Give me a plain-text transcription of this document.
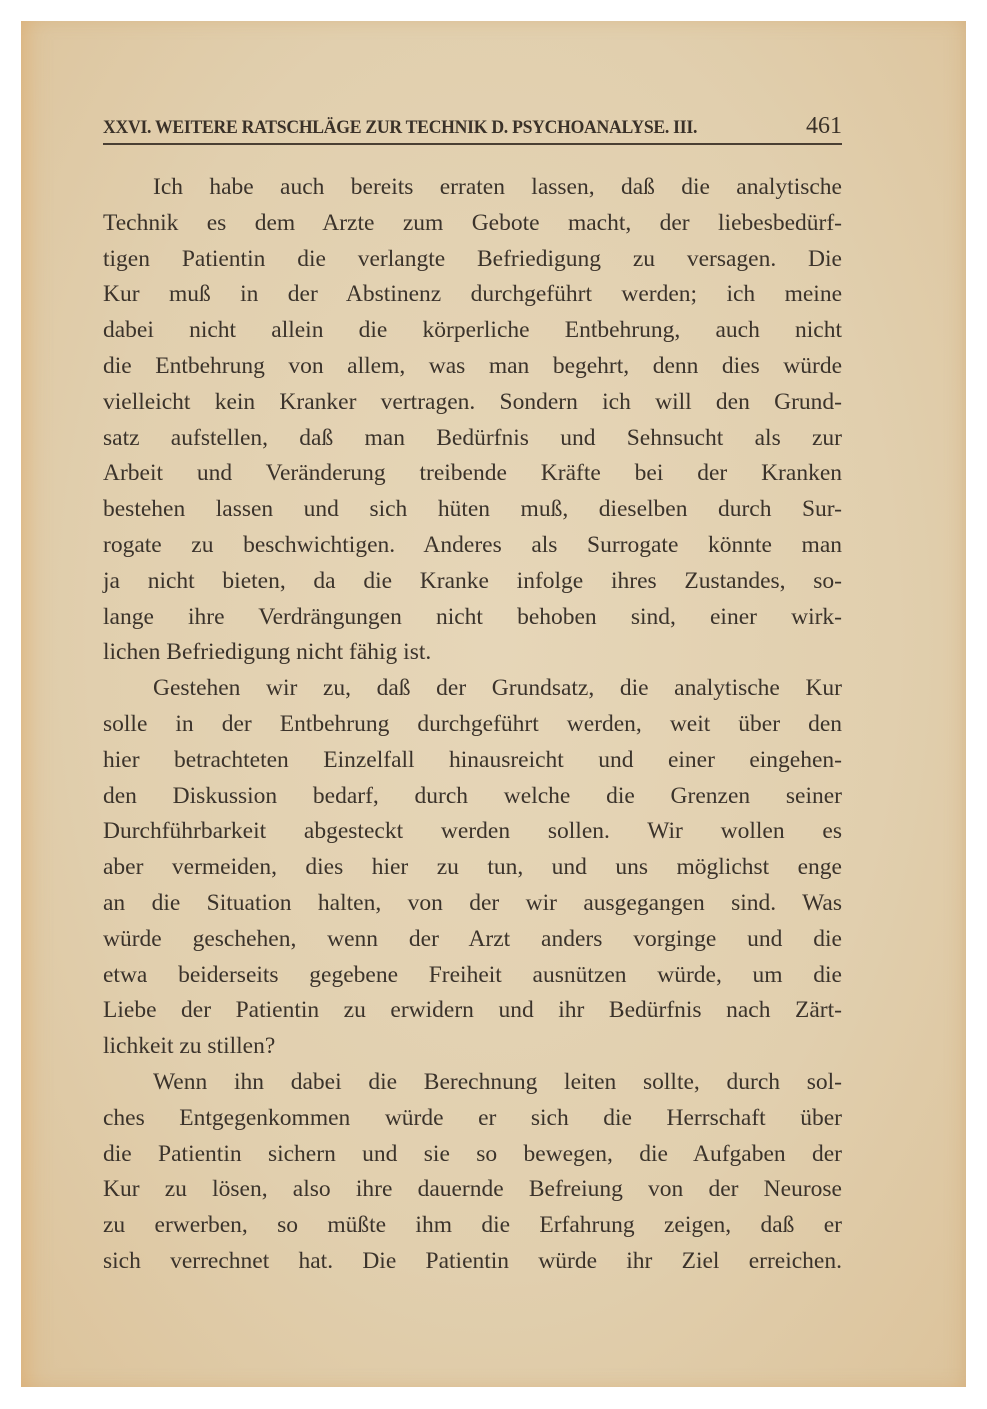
XXVI. WEITERE RATSCHLÄGE ZUR TECHNIK D. PSYCHOANALYSE. III.	461
Ich habe auch bereits erraten lassen, daß die analytische
Technik es dem Arzte zum Gebote macht, der liebesbedürf-
tigen Patientin die verlangte Befriedigung zu versagen. Die
Kur muß in der Abstinenz durchgeführt werden; ich meine
dabei nicht allein die körperliche Entbehrung, auch nicht
die Entbehrung von allem, was man begehrt, denn dies würde
vielleicht kein Kranker vertragen. Sondern ich will den Grund-
satz aufstellen, daß man Bedürfnis und Sehnsucht als zur
Arbeit und Veränderung treibende Kräfte bei der Kranken
bestehen lassen und sich hüten muß, dieselben durch Sur-
rogate zu beschwichtigen. Anderes als Surrogate könnte man
ja nicht bieten, da die Kranke infolge ihres Zustandes, so-
lange ihre Verdrängungen nicht behoben sind, einer wirk-
lichen Befriedigung nicht fähig ist.
Gestehen wir zu, daß der Grundsatz, die analytische Kur
solle in der Entbehrung durchgeführt werden, weit über den
hier betrachteten Einzelfall hinausreicht und einer eingehen-
den Diskussion bedarf, durch welche die Grenzen seiner
Durchführbarkeit abgesteckt werden sollen. Wir wollen es
aber vermeiden, dies hier zu tun, und uns möglichst enge
an die Situation halten, von der wir ausgegangen sind. Was
würde geschehen, wenn der Arzt anders vorginge und die
etwa beiderseits gegebene Freiheit ausnützen würde, um die
Liebe der Patientin zu erwidern und ihr Bedürfnis nach Zärt-
lichkeit zu stillen?
Wenn ihn dabei die Berechnung leiten sollte, durch sol-
ches Entgegenkommen würde er sich die Herrschaft über
die Patientin sichern und sie so bewegen, die Aufgaben der
Kur zu lösen, also ihre dauernde Befreiung von der Neurose
zu erwerben, so müßte ihm die Erfahrung zeigen, daß er
sich verrechnet hat. Die Patientin würde ihr Ziel erreichen.
